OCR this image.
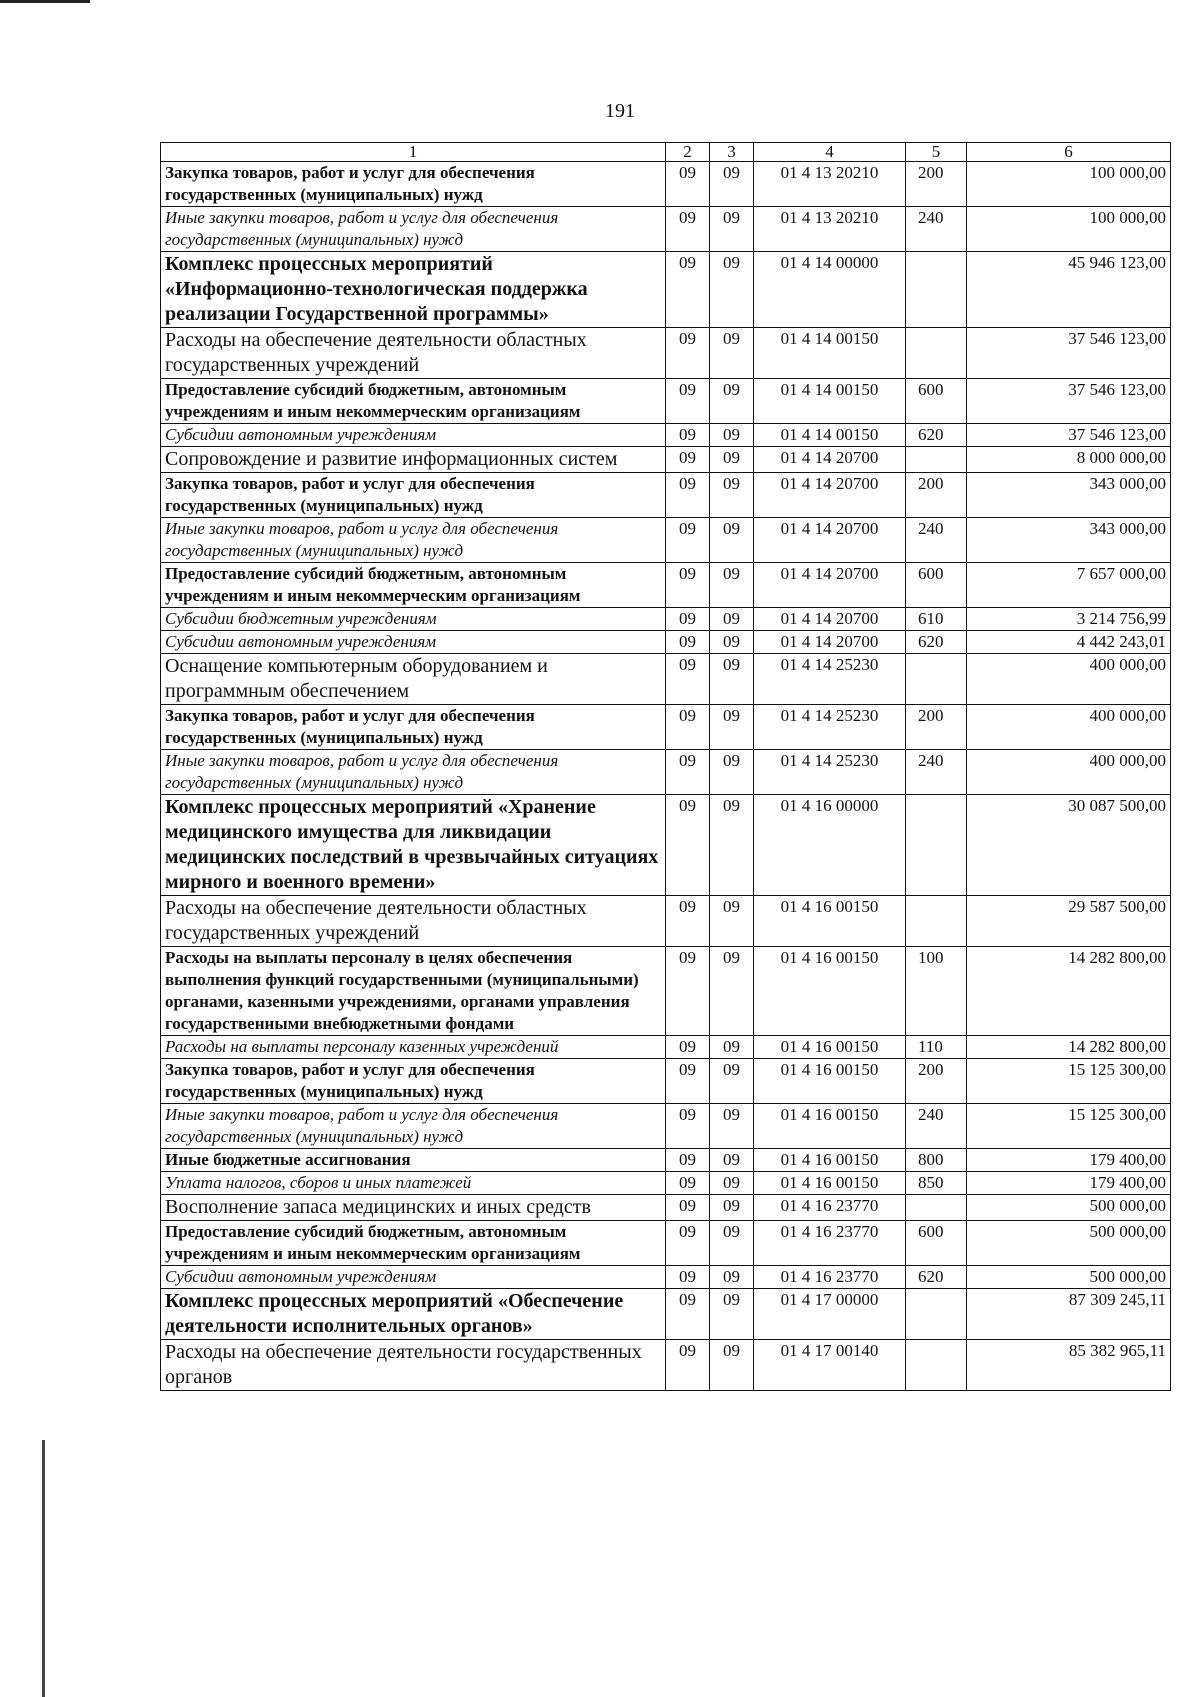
191
1	2	3	4	5	6
Закупка товаров, работ и услуг для обеспечения государственных (муниципальных) нужд	09	09	01 4 13 20210	200	100 000,00
Иные закупки товаров, работ и услуг для обеспечения государственных (муниципальных) нужд	09	09	01 4 13 20210	240	100 000,00
Комплекс процессных мероприятий «Информационно-технологическая поддержка реализации Государственной программы»	09	09	01 4 14 00000		45 946 123,00
Расходы на обеспечение деятельности областных государственных учреждений	09	09	01 4 14 00150		37 546 123,00
Предоставление субсидий бюджетным, автономным учреждениям и иным некоммерческим организациям	09	09	01 4 14 00150	600	37 546 123,00
Субсидии автономным учреждениям	09	09	01 4 14 00150	620	37 546 123,00
Сопровождение и развитие информационных систем	09	09	01 4 14 20700		8 000 000,00
Закупка товаров, работ и услуг для обеспечения государственных (муниципальных) нужд	09	09	01 4 14 20700	200	343 000,00
Иные закупки товаров, работ и услуг для обеспечения государственных (муниципальных) нужд	09	09	01 4 14 20700	240	343 000,00
Предоставление субсидий бюджетным, автономным учреждениям и иным некоммерческим организациям	09	09	01 4 14 20700	600	7 657 000,00
Субсидии бюджетным учреждениям	09	09	01 4 14 20700	610	3 214 756,99
Субсидии автономным учреждениям	09	09	01 4 14 20700	620	4 442 243,01
Оснащение компьютерным оборудованием и программным обеспечением	09	09	01 4 14 25230		400 000,00
Закупка товаров, работ и услуг для обеспечения государственных (муниципальных) нужд	09	09	01 4 14 25230	200	400 000,00
Иные закупки товаров, работ и услуг для обеспечения государственных (муниципальных) нужд	09	09	01 4 14 25230	240	400 000,00
Комплекс процессных мероприятий «Хранение медицинского имущества для ликвидации медицинских последствий в чрезвычайных ситуациях мирного и военного времени»	09	09	01 4 16 00000		30 087 500,00
Расходы на обеспечение деятельности областных государственных учреждений	09	09	01 4 16 00150		29 587 500,00
Расходы на выплаты персоналу в целях обеспечения выполнения функций государственными (муниципальными) органами, казенными учреждениями, органами управления государственными внебюджетными фондами	09	09	01 4 16 00150	100	14 282 800,00
Расходы на выплаты персоналу казенных учреждений	09	09	01 4 16 00150	110	14 282 800,00
Закупка товаров, работ и услуг для обеспечения государственных (муниципальных) нужд	09	09	01 4 16 00150	200	15 125 300,00
Иные закупки товаров, работ и услуг для обеспечения государственных (муниципальных) нужд	09	09	01 4 16 00150	240	15 125 300,00
Иные бюджетные ассигнования	09	09	01 4 16 00150	800	179 400,00
Уплата налогов, сборов и иных платежей	09	09	01 4 16 00150	850	179 400,00
Восполнение запаса медицинских и иных средств	09	09	01 4 16 23770		500 000,00
Предоставление субсидий бюджетным, автономным учреждениям и иным некоммерческим организациям	09	09	01 4 16 23770	600	500 000,00
Субсидии автономным учреждениям	09	09	01 4 16 23770	620	500 000,00
Комплекс процессных мероприятий «Обеспечение деятельности исполнительных органов»	09	09	01 4 17 00000		87 309 245,11
Расходы на обеспечение деятельности государственных органов	09	09	01 4 17 00140		85 382 965,11
